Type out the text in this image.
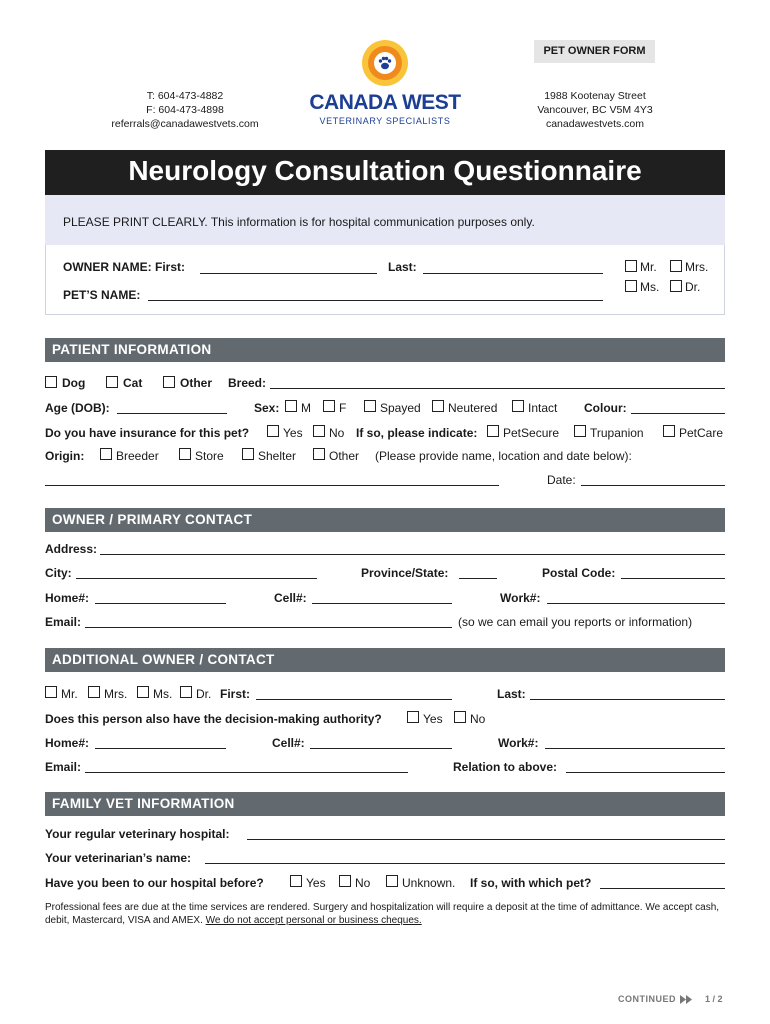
PET OWNER FORM
T: 604-473-4882
F: 604-473-4898
referrals@canadawestvets.com
CANADA WEST
VETERINARY SPECIALISTS
1988 Kootenay Street
Vancouver, BC V5M 4Y3
canadawestvets.com
Neurology Consultation Questionnaire
PLEASE PRINT CLEARLY. This information is for hospital communication purposes only.
OWNER NAME: First:	Last:
PET’S NAME:
Mr. Mrs.
Ms. Dr.
PATIENT INFORMATION
Dog	Cat	Other Breed:
Age (DOB):	Sex: M F	Spayed Neutered	Intact Colour:
Do you have insurance for this pet?	Yes No If so, please indicate: PetSecure	Trupanion	PetCare
Origin:	Breeder	Store	Shelter	Other (Please provide name, location and date below):
Date:
OWNER / PRIMARY CONTACT
Address:
City:	Province/State:	Postal Code:
Home#:	Cell#:	Work#:
Email:	(so we can email you reports or information)
ADDITIONAL OWNER / CONTACT
Mr. Mrs. Ms. Dr. First:	Last:
Does this person also have the decision-making authority?	Yes No
Home#:	Cell#:	Work#:
Email:	Relation to above:
FAMILY VET INFORMATION
Your regular veterinary hospital:
Your veterinarian’s name:
Have you been to our hospital before?	Yes No	Unknown. If so, with which pet?
Professional fees are due at the time services are rendered. Surgery and hospitalization will require a deposit at the time of admittance. We accept cash, debit, Mastercard, VISA and AMEX. We do not accept personal or business cheques.
CONTINUED	1 / 2
